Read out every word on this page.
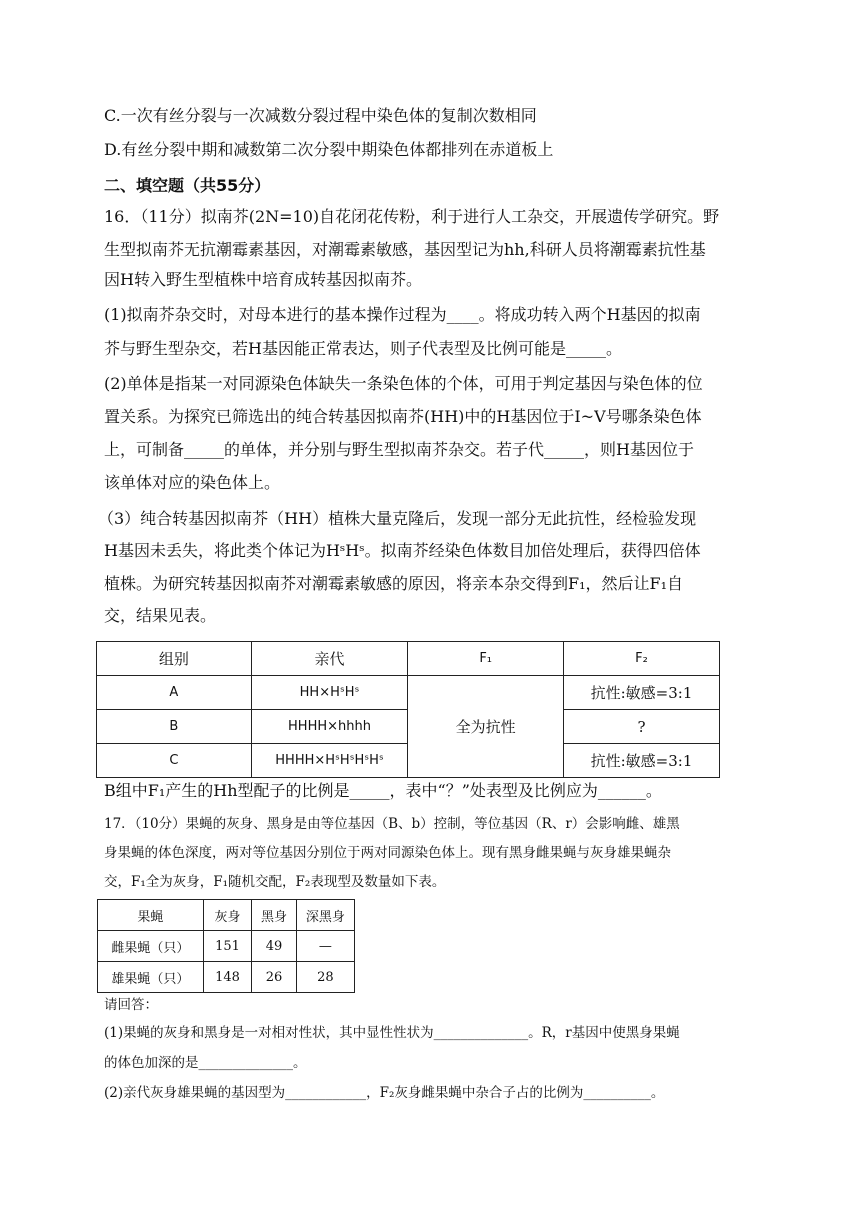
C.一次有丝分裂与一次减数分裂过程中染色体的复制次数相同
D.有丝分裂中期和减数第二次分裂中期染色体都排列在赤道板上
二、填空题（共55分）
16．（11分）拟南芥(2N=10)自花闭花传粉，利于进行人工杂交，开展遗传学研究。野
生型拟南芥无抗潮霉素基因，对潮霉素敏感，基因型记为hh,科研人员将潮霉素抗性基
因H转入野生型植株中培育成转基因拟南芥。
(1)拟南芥杂交时，对母本进行的基本操作过程为____。将成功转入两个H基因的拟南
芥与野生型杂交，若H基因能正常表达，则子代表型及比例可能是_____。
(2)单体是指某一对同源染色体缺失一条染色体的个体，可用于判定基因与染色体的位
置关系。为探究已筛选出的纯合转基因拟南芥(HH)中的H基因位于Ⅰ~Ⅴ号哪条染色体
上，可制备_____的单体，并分别与野生型拟南芥杂交。若子代_____，则H基因位于
该单体对应的染色体上。
（3）纯合转基因拟南芥（HH）植株大量克隆后，发现一部分无此抗性，经检验发现
H基因未丢失，将此类个体记为HˢHˢ。拟南芥经染色体数目加倍处理后，获得四倍体
植株。为研究转基因拟南芥对潮霉素敏感的原因，将亲本杂交得到F₁，然后让F₁自
交，结果见表。
组别	亲代	F₁	F₂
A	HH×HˢHˢ	全为抗性	抗性:敏感=3:1
B	HHHH×hhhh		?
C	HHHH×HˢHˢHˢHˢ		抗性:敏感=3:1
B组中F₁产生的Hh型配子的比例是_____，表中“？”处表型及比例应为______。
17．（10分）果蝇的灰身、黑身是由等位基因（B、b）控制，等位基因（R、r）会影响雌、雄黑
身果蝇的体色深度，两对等位基因分别位于两对同源染色体上。现有黑身雌果蝇与灰身雄果蝇杂
交，F₁全为灰身，F₁随机交配，F₂表现型及数量如下表。
果蝇	灰身	黑身	深黑身
雌果蝇（只）	151	49	—
雄果蝇（只）	148	26	28
请回答：
(1)果蝇的灰身和黑身是一对相对性状，其中显性性状为______________。R，r基因中使黑身果蝇
的体色加深的是______________。
(2)亲代灰身雄果蝇的基因型为____________，F₂灰身雌果蝇中杂合子占的比例为__________。
